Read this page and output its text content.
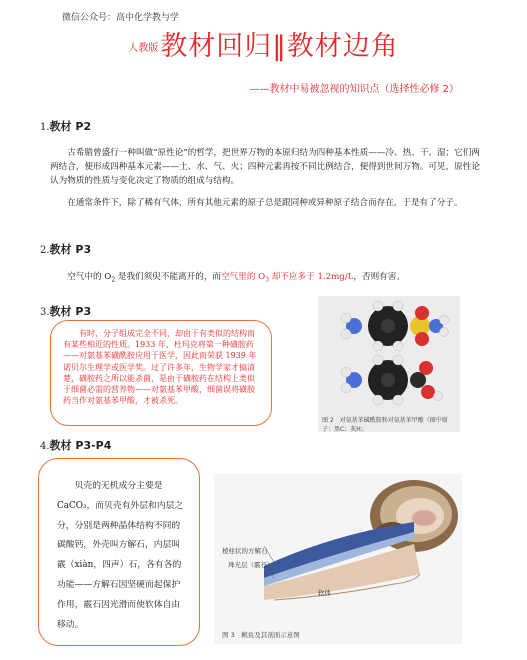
微信公众号：高中化学教与学
$^{人教版}$教材回归‖教材边角
——教材中易被忽视的知识点（选择性必修 2）
1.教材 P2
古希腊曾盛行一种叫做“原性论”的哲学，把世界万物的本原归结为四种基本性质——冷、热、干、湿；它们两两结合，便形成四种基本元素——土、水、气、火；四种元素再按不同比例结合，便得到世间万物。可见，原性论认为物质的性质与变化决定了物质的组成与结构。
在通常条件下，除了稀有气体，所有其他元素的原子总是跟同种或异种原子结合而存在，于是有了分子。
2.教材 P3
空气中的 $O_2$ 是我们须臾不能离开的，而空气里的 $O_3$ 却不应多于 1.2mg/L，否则有害。
3.教材 P3
有时，分子组成完全不同，却由于有类似的结构而有某些相近的性质。1933 年，杜玛克将第一种磺胺药——对氨基苯磺酰胺应用于医学，因此而荣获 1939 年诺贝尔生理学或医学奖。过了许多年，生物学家才搞清楚，磺胺药之所以能杀菌，是由于磺胺药在结构上类似于细菌必需的营养物——对氨基苯甲酸，细菌误将磺胺药当作对氨基苯甲酸，才被杀死。
图 2　对氨基苯磺酰胺和对氨基苯甲酸（图中原子：黑C；灰H；
4.教材 P3-P4
贝壳的无机成分主要是 CaCO₃，而贝壳有外层和内层之分，分别是两种晶体结构不同的碳酸钙，外壳叫方解石，内层叫霰（xiàn，四声）石，各有各的功能——方解石因坚硬而起保护作用，霰石因光滑而使软体自由移动。
棱柱状的方解石
珠光层（霰石）
软体
图 3　鲍鱼及其剖面示意图
